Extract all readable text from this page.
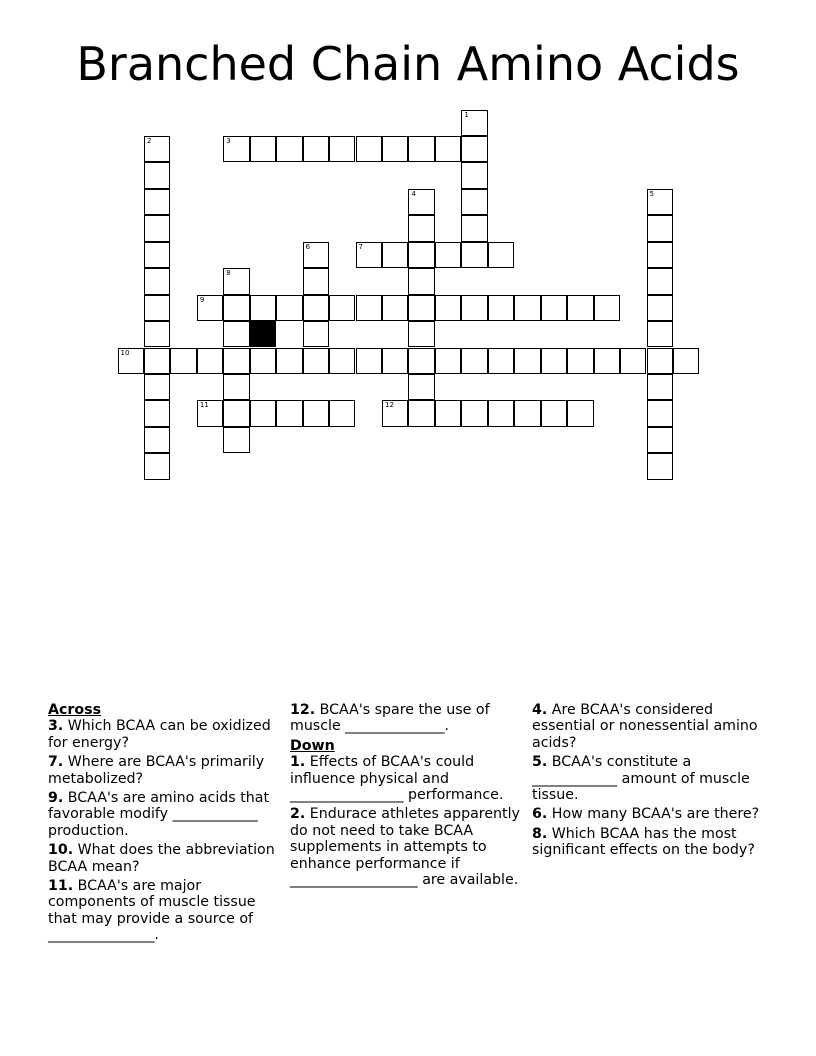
Branched Chain Amino Acids
3
7
9
10
11	12
1
2
4	5
6
8
Across
3. Which BCAA can be oxidized for energy?
7. Where are BCAA's primarily metabolized?
9. BCAA's are amino acids that favorable modify ____________ production.
10. What does the abbreviation BCAA mean?
11. BCAA's are major components of muscle tissue that may provide a source of _______________.
12. BCAA's spare the use of muscle ______________.
Down
1. Effects of BCAA's could influence physical and ________________ performance.
2. Endurace athletes apparently do not need to take BCAA supplements in attempts to enhance performance if __________________ are available.
4. Are BCAA's considered essential or nonessential amino acids?
5. BCAA's constitute a ____________ amount of muscle tissue.
6. How many BCAA's are there?
8. Which BCAA has the most significant effects on the body?
